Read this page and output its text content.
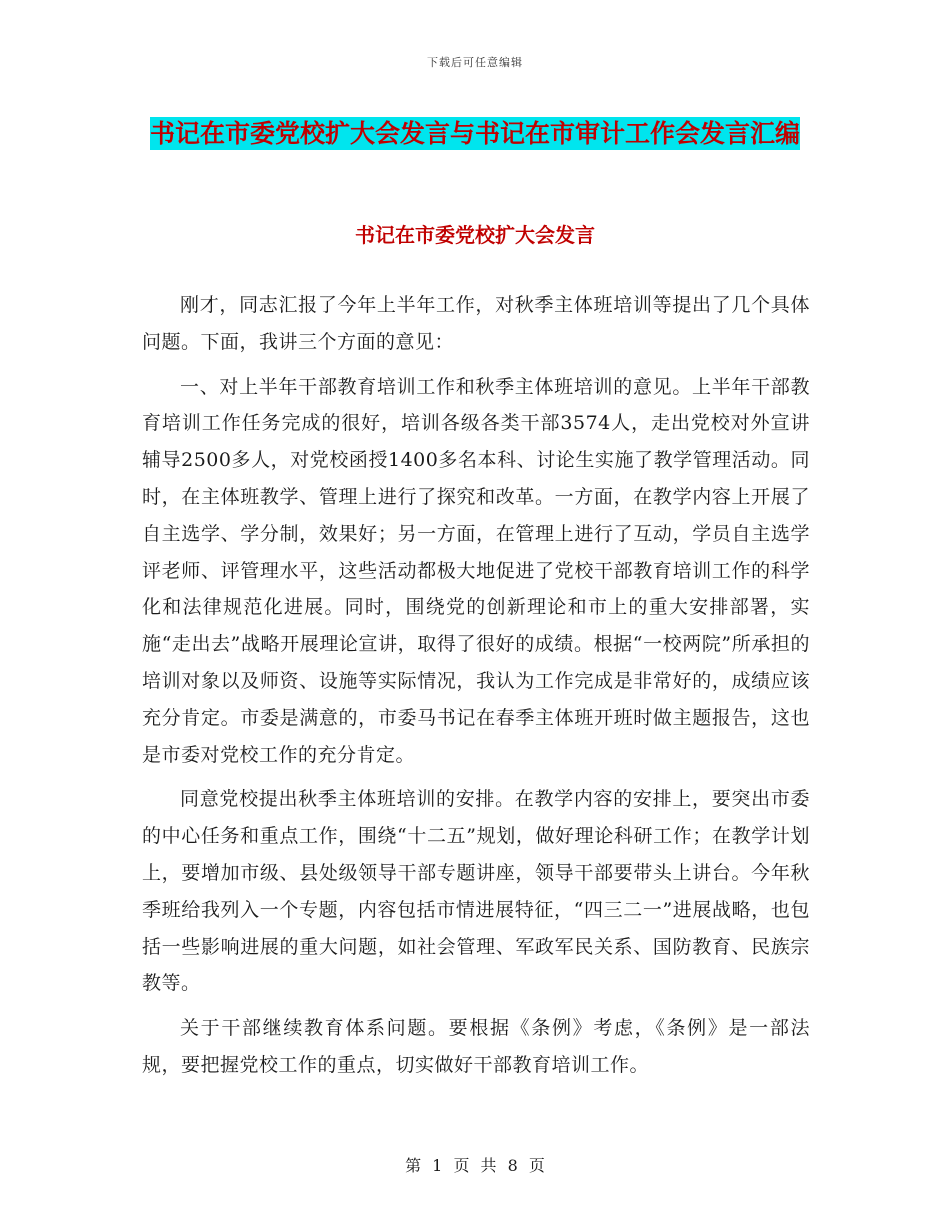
下载后可任意编辑
书记在市委党校扩大会发言与书记在市审计工作会发言汇编
书记在市委党校扩大会发言

刚才，同志汇报了今年上半年工作，对秋季主体班培训等提出了几个具体问题。下面，我讲三个方面的意见：

一、对上半年干部教育培训工作和秋季主体班培训的意见。上半年干部教育培训工作任务完成的很好，培训各级各类干部3574人，走出党校对外宣讲辅导2500多人，对党校函授1400多名本科、讨论生实施了教学管理活动。同时，在主体班教学、管理上进行了探究和改革。一方面，在教学内容上开展了自主选学、学分制，效果好；另一方面，在管理上进行了互动，学员自主选学评老师、评管理水平，这些活动都极大地促进了党校干部教育培训工作的科学化和法律规范化进展。同时，围绕党的创新理论和市上的重大安排部署，实施“走出去”战略开展理论宣讲，取得了很好的成绩。根据“一校两院”所承担的培训对象以及师资、设施等实际情况，我认为工作完成是非常好的，成绩应该充分肯定。市委是满意的，市委马书记在春季主体班开班时做主题报告，这也是市委对党校工作的充分肯定。

同意党校提出秋季主体班培训的安排。在教学内容的安排上，要突出市委的中心任务和重点工作，围绕“十二五”规划，做好理论科研工作；在教学计划上，要增加市级、县处级领导干部专题讲座，领导干部要带头上讲台。今年秋季班给我列入一个专题，内容包括市情进展特征，“四三二一”进展战略，也包括一些影响进展的重大问题，如社会管理、军政军民关系、国防教育、民族宗教等。

关于干部继续教育体系问题。要根据《条例》考虑，《条例》是一部法规，要把握党校工作的重点，切实做好干部教育培训工作。

第 1 页 共 8 页
